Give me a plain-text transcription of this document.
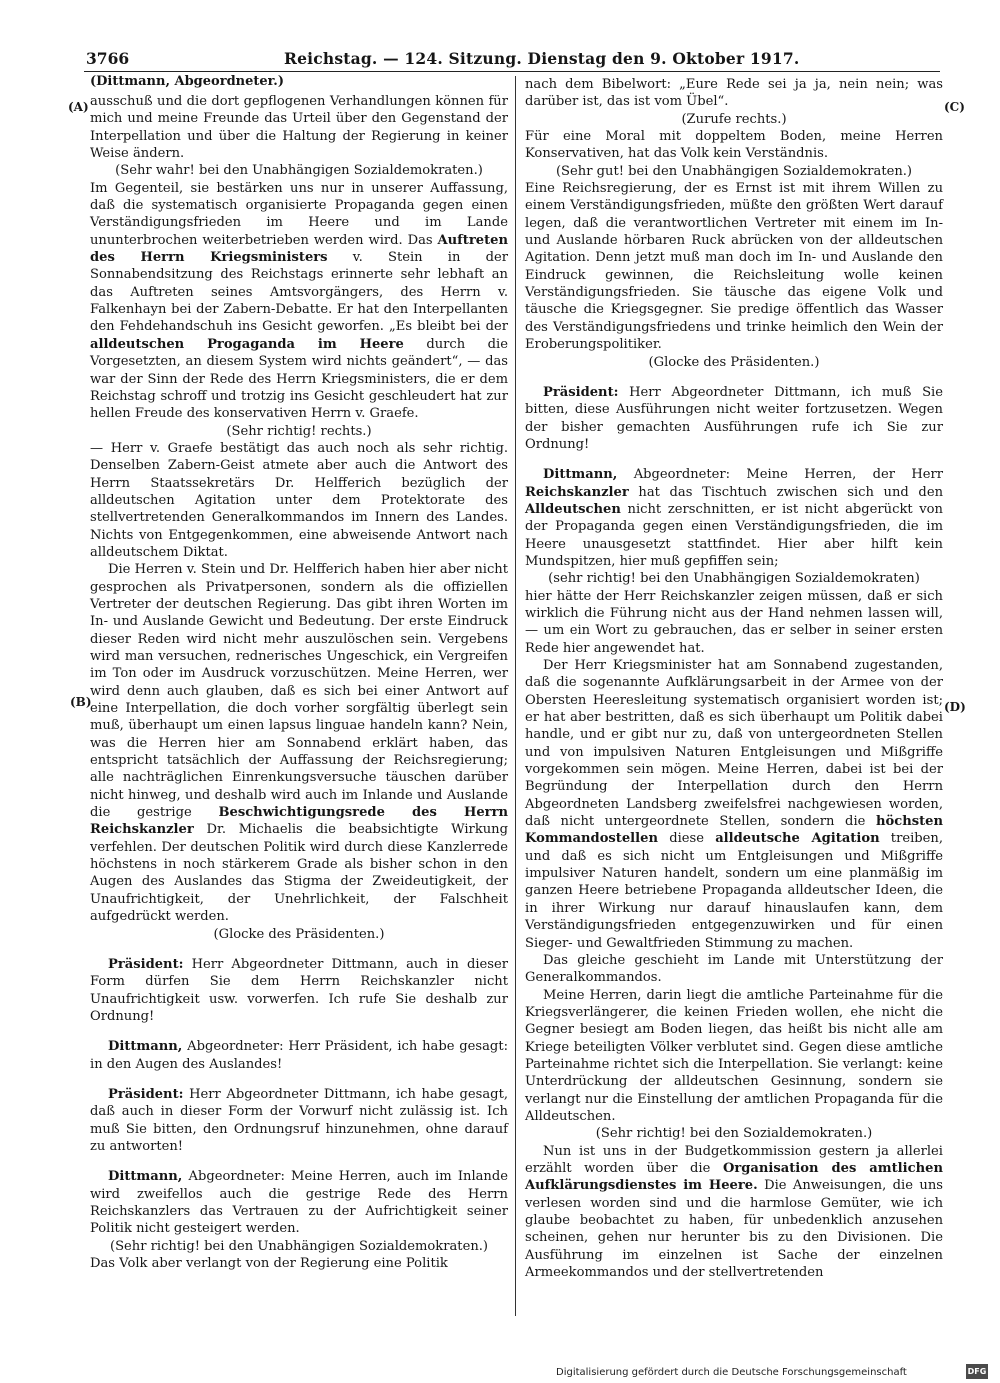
3766	Reichstag. — 124. Sitzung. Dienstag den 9. Oktober 1917.
(Dittmann, Abgeordneter.)
(A)
(B)
(C)
(D)

ausschuß und die dort gepflogenen Verhandlungen können für mich und meine Freunde das Urteil über den Gegenstand der Interpellation und über die Haltung der Regierung in keiner Weise ändern.

(Sehr wahr! bei den Unabhängigen Sozialdemokraten.)

Im Gegenteil, sie bestärken uns nur in unserer Auffassung, daß die systematisch organisierte Propaganda gegen einen Verständigungsfrieden im Heere und im Lande ununterbrochen weiterbetrieben werden wird. Das Auftreten des Herrn Kriegsministers v. Stein in der Sonnabendsitzung des Reichstags erinnerte sehr lebhaft an das Auftreten seines Amtsvorgängers, des Herrn v. Falkenhayn bei der Zabern-Debatte. Er hat den Interpellanten den Fehdehandschuh ins Gesicht geworfen. „Es bleibt bei der alldeutschen Progaganda im Heere durch die Vorgesetzten, an diesem System wird nichts geändert“, — das war der Sinn der Rede des Herrn Kriegsministers, die er dem Reichstag schroff und trotzig ins Gesicht geschleudert hat zur hellen Freude des konservativen Herrn v. Graefe.

(Sehr richtig! rechts.)

— Herr v. Graefe bestätigt das auch noch als sehr richtig. Denselben Zabern-Geist atmete aber auch die Antwort des Herrn Staatssekretärs Dr. Helfferich bezüglich der alldeutschen Agitation unter dem Protektorate des stellvertretenden Generalkommandos im Innern des Landes. Nichts von Entgegenkommen, eine abweisende Antwort nach alldeutschem Diktat.

Die Herren v. Stein und Dr. Helfferich haben hier aber nicht gesprochen als Privatpersonen, sondern als die offiziellen Vertreter der deutschen Regierung. Das gibt ihren Worten im In- und Auslande Gewicht und Bedeutung. Der erste Eindruck dieser Reden wird nicht mehr auszulöschen sein. Vergebens wird man versuchen, rednerisches Ungeschick, ein Vergreifen im Ton oder im Ausdruck vorzuschützen. Meine Herren, wer wird denn auch glauben, daß es sich bei einer Antwort auf eine Interpellation, die doch vorher sorgfältig überlegt sein muß, überhaupt um einen lapsus linguae handeln kann? Nein, was die Herren hier am Sonnabend erklärt haben, das entspricht tatsächlich der Auffassung der Reichsregierung; alle nachträglichen Einrenkungsversuche täuschen darüber nicht hinweg, und deshalb wird auch im Inlande und Auslande die gestrige Beschwichtigungsrede des Herrn Reichskanzler Dr. Michaelis die beabsichtigte Wirkung verfehlen. Der deutschen Politik wird durch diese Kanzlerrede höchstens in noch stärkerem Grade als bisher schon in den Augen des Auslandes das Stigma der Zweideutigkeit, der Unaufrichtigkeit, der Unehrlichkeit, der Falschheit aufgedrückt werden.

(Glocke des Präsidenten.)

Präsident: Herr Abgeordneter Dittmann, auch in dieser Form dürfen Sie dem Herrn Reichskanzler nicht Unaufrichtigkeit usw. vorwerfen. Ich rufe Sie deshalb zur Ordnung!

Dittmann, Abgeordneter: Herr Präsident, ich habe gesagt: in den Augen des Auslandes!

Präsident: Herr Abgeordneter Dittmann, ich habe gesagt, daß auch in dieser Form der Vorwurf nicht zulässig ist. Ich muß Sie bitten, den Ordnungsruf hinzunehmen, ohne darauf zu antworten!

Dittmann, Abgeordneter: Meine Herren, auch im Inlande wird zweifellos auch die gestrige Rede des Herrn Reichskanzlers das Vertrauen zu der Aufrichtigkeit seiner Politik nicht gesteigert werden.

(Sehr richtig! bei den Unabhängigen Sozialdemokraten.)

Das Volk aber verlangt von der Regierung eine Politik

nach dem Bibelwort: „Eure Rede sei ja ja, nein nein; was darüber ist, das ist vom Übel“.

(Zurufe rechts.)

Für eine Moral mit doppeltem Boden, meine Herren Konservativen, hat das Volk kein Verständnis.

(Sehr gut! bei den Unabhängigen Sozialdemokraten.)

Eine Reichsregierung, der es Ernst ist mit ihrem Willen zu einem Verständigungsfrieden, müßte den größten Wert darauf legen, daß die verantwortlichen Vertreter mit einem im In- und Auslande hörbaren Ruck abrücken von der alldeutschen Agitation. Denn jetzt muß man doch im In- und Auslande den Eindruck gewinnen, die Reichsleitung wolle keinen Verständigungsfrieden. Sie täusche das eigene Volk und täusche die Kriegsgegner. Sie predige öffentlich das Wasser des Verständigungsfriedens und trinke heimlich den Wein der Eroberungspolitiker.

(Glocke des Präsidenten.)

Präsident: Herr Abgeordneter Dittmann, ich muß Sie bitten, diese Ausführungen nicht weiter fortzusetzen. Wegen der bisher gemachten Ausführungen rufe ich Sie zur Ordnung!

Dittmann, Abgeordneter: Meine Herren, der Herr Reichskanzler hat das Tischtuch zwischen sich und den Alldeutschen nicht zerschnitten, er ist nicht abgerückt von der Propaganda gegen einen Verständigungsfrieden, die im Heere unausgesetzt stattfindet. Hier aber hilft kein Mundspitzen, hier muß gepfiffen sein;

(sehr richtig! bei den Unabhängigen Sozialdemokraten)

hier hätte der Herr Reichskanzler zeigen müssen, daß er sich wirklich die Führung nicht aus der Hand nehmen lassen will, — um ein Wort zu gebrauchen, das er selber in seiner ersten Rede hier angewendet hat.

Der Herr Kriegsminister hat am Sonnabend zugestanden, daß die sogenannte Aufklärungsarbeit in der Armee von der Obersten Heeresleitung systematisch organisiert worden ist; er hat aber bestritten, daß es sich überhaupt um Politik dabei handle, und er gibt nur zu, daß von untergeordneten Stellen und von impulsiven Naturen Entgleisungen und Mißgriffe vorgekommen sein mögen. Meine Herren, dabei ist bei der Begründung der Interpellation durch den Herrn Abgeordneten Landsberg zweifelsfrei nachgewiesen worden, daß nicht untergeordnete Stellen, sondern die höchsten Kommandostellen diese alldeutsche Agitation treiben, und daß es sich nicht um Entgleisungen und Mißgriffe impulsiver Naturen handelt, sondern um eine planmäßig im ganzen Heere betriebene Propaganda alldeutscher Ideen, die in ihrer Wirkung nur darauf hinauslaufen kann, dem Verständigungsfrieden entgegenzuwirken und für einen Sieger- und Gewaltfrieden Stimmung zu machen.

Das gleiche geschieht im Lande mit Unterstützung der Generalkommandos.

Meine Herren, darin liegt die amtliche Parteinahme für die Kriegsverlängerer, die keinen Frieden wollen, ehe nicht die Gegner besiegt am Boden liegen, das heißt bis nicht alle am Kriege beteiligten Völker verblutet sind. Gegen diese amtliche Parteinahme richtet sich die Interpellation. Sie verlangt: keine Unterdrückung der alldeutschen Gesinnung, sondern sie verlangt nur die Einstellung der amtlichen Propaganda für die Alldeutschen.

(Sehr richtig! bei den Sozialdemokraten.)

Nun ist uns in der Budgetkommission gestern ja allerlei erzählt worden über die Organisation des amtlichen Aufklärungsdienstes im Heere. Die Anweisungen, die uns verlesen worden sind und die harmlose Gemüter, wie ich glaube beobachtet zu haben, für unbedenklich anzusehen scheinen, gehen nur herunter bis zu den Divisionen. Die Ausführung im einzelnen ist Sache der einzelnen Armeekommandos und der stellvertretenden

Digitalisierung gefördert durch die Deutsche Forschungsgemeinschaft	DFG
